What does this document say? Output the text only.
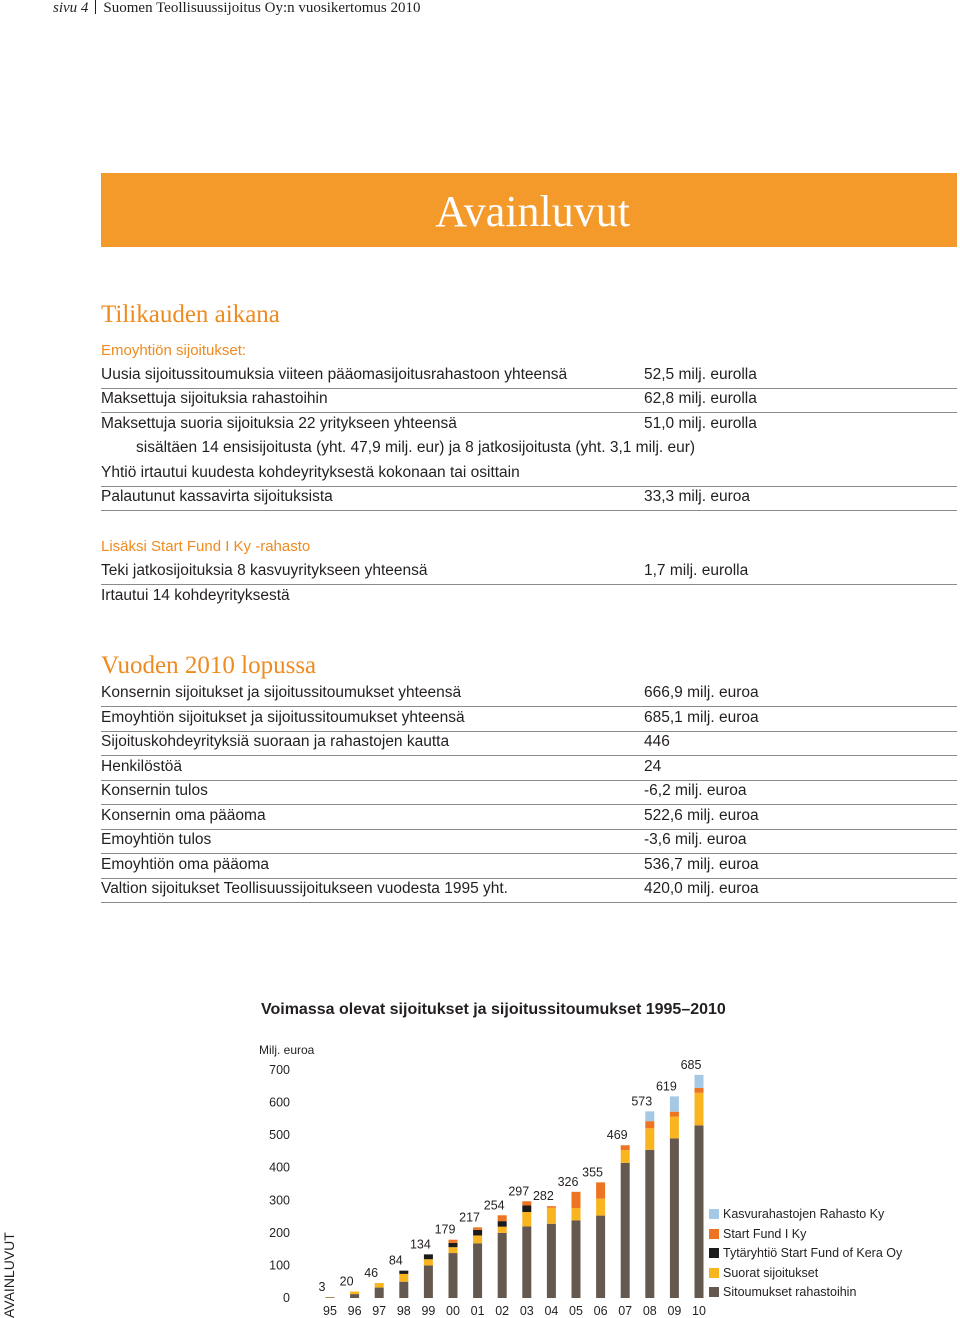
sivu 4 Suomen Teollisuussijoitus Oy:n vuosikertomus 2010
Avainluvut
Tilikauden aikana
Emoyhtiön sijoitukset:
Uusia sijoitussitoumuksia viiteen pääomasijoitusrahastoon yhteensä	52,5 milj. eurolla
Maksettuja sijoituksia rahastoihin	62,8 milj. eurolla
Maksettuja suoria sijoituksia 22 yritykseen yhteensä	51,0 milj. eurolla
sisältäen 14 ensisijoitusta (yht. 47,9 milj. eur) ja 8 jatkosijoitusta (yht. 3,1 milj. eur)
Yhtiö irtautui kuudesta kohdeyrityksestä kokonaan tai osittain
Palautunut kassavirta sijoituksista	33,3 milj. euroa
Lisäksi Start Fund I Ky -rahasto
Teki jatkosijoituksia 8 kasvuyritykseen yhteensä	1,7 milj. eurolla
Irtautui 14 kohdeyrityksestä
Vuoden 2010 lopussa
Konsernin sijoitukset ja sijoitussitoumukset yhteensä	666,9 milj. euroa
Emoyhtiön sijoitukset ja sijoitussitoumukset yhteensä	685,1 milj. euroa
Sijoituskohdeyrityksiä suoraan ja rahastojen kautta	446
Henkilöstöä	24
Konsernin tulos	-6,2 milj. euroa
Konsernin oma pääoma	522,6 milj. euroa
Emoyhtiön tulos	-3,6 milj. euroa
Emoyhtiön oma pääoma	536,7 milj. euroa
Valtion sijoitukset Teollisuussijoitukseen vuodesta 1995 yht.	420,0 milj. euroa
AVAINLUVUT
Voimassa olevat sijoitukset ja sijoitussitoumukset 1995–2010
Milj. euroa
0
100
200
300
400
500
600
700
95
3
96
20
97
46
98
84
99
134
00
179
01
217
02
254
03
297
04
282
05
326
06
355
07
469
08
573
09
619
10
685
Kasvurahastojen Rahasto Ky
Start Fund I Ky
Tytäryhtiö Start Fund of Kera Oy
Suorat sijoitukset
Sitoumukset rahastoihin
